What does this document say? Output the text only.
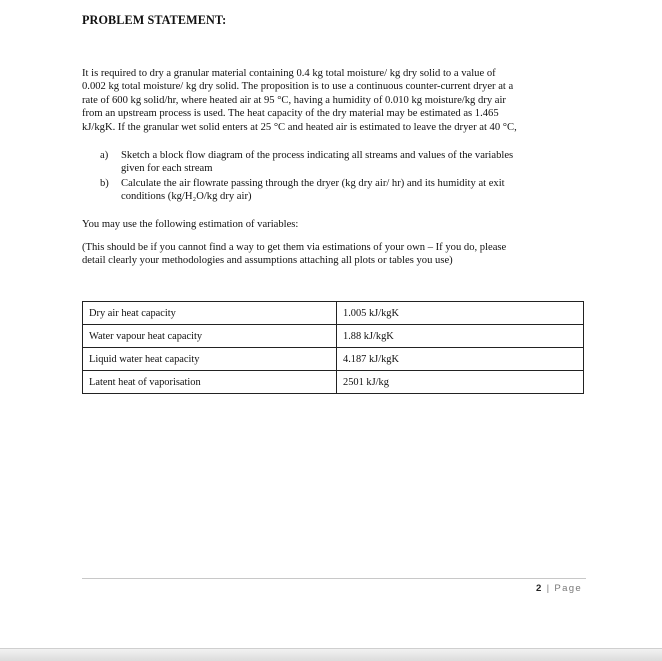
PROBLEM STATEMENT:

It is required to dry a granular material containing 0.4 kg total moisture/ kg dry solid to a value of
0.002 kg total moisture/ kg dry solid. The proposition is to use a continuous counter-current dryer at a
rate of 600 kg solid/hr, where heated air at 95 °C, having a humidity of 0.010 kg moisture/kg dry air
from an upstream process is used. The heat capacity of the dry material may be estimated as 1.465
kJ/kgK. If the granular wet solid enters at 25 °C and heated air is estimated to leave the dryer at 40 °C,

a) Sketch a block flow diagram of the process indicating all streams and values of the variables
given for each stream
b) Calculate the air flowrate passing through the dryer (kg dry air/ hr) and its humidity at exit
conditions (kg/H₂O/kg dry air)

You may use the following estimation of variables:

(This should be if you cannot find a way to get them via estimations of your own – If you do, please
detail clearly your methodologies and assumptions attaching all plots or tables you use)

Dry air heat capacity	1.005 kJ/kgK
Water vapour heat capacity	1.88 kJ/kgK
Liquid water heat capacity	4.187 kJ/kgK
Latent heat of vaporisation	2501 kJ/kg
2 | Page
